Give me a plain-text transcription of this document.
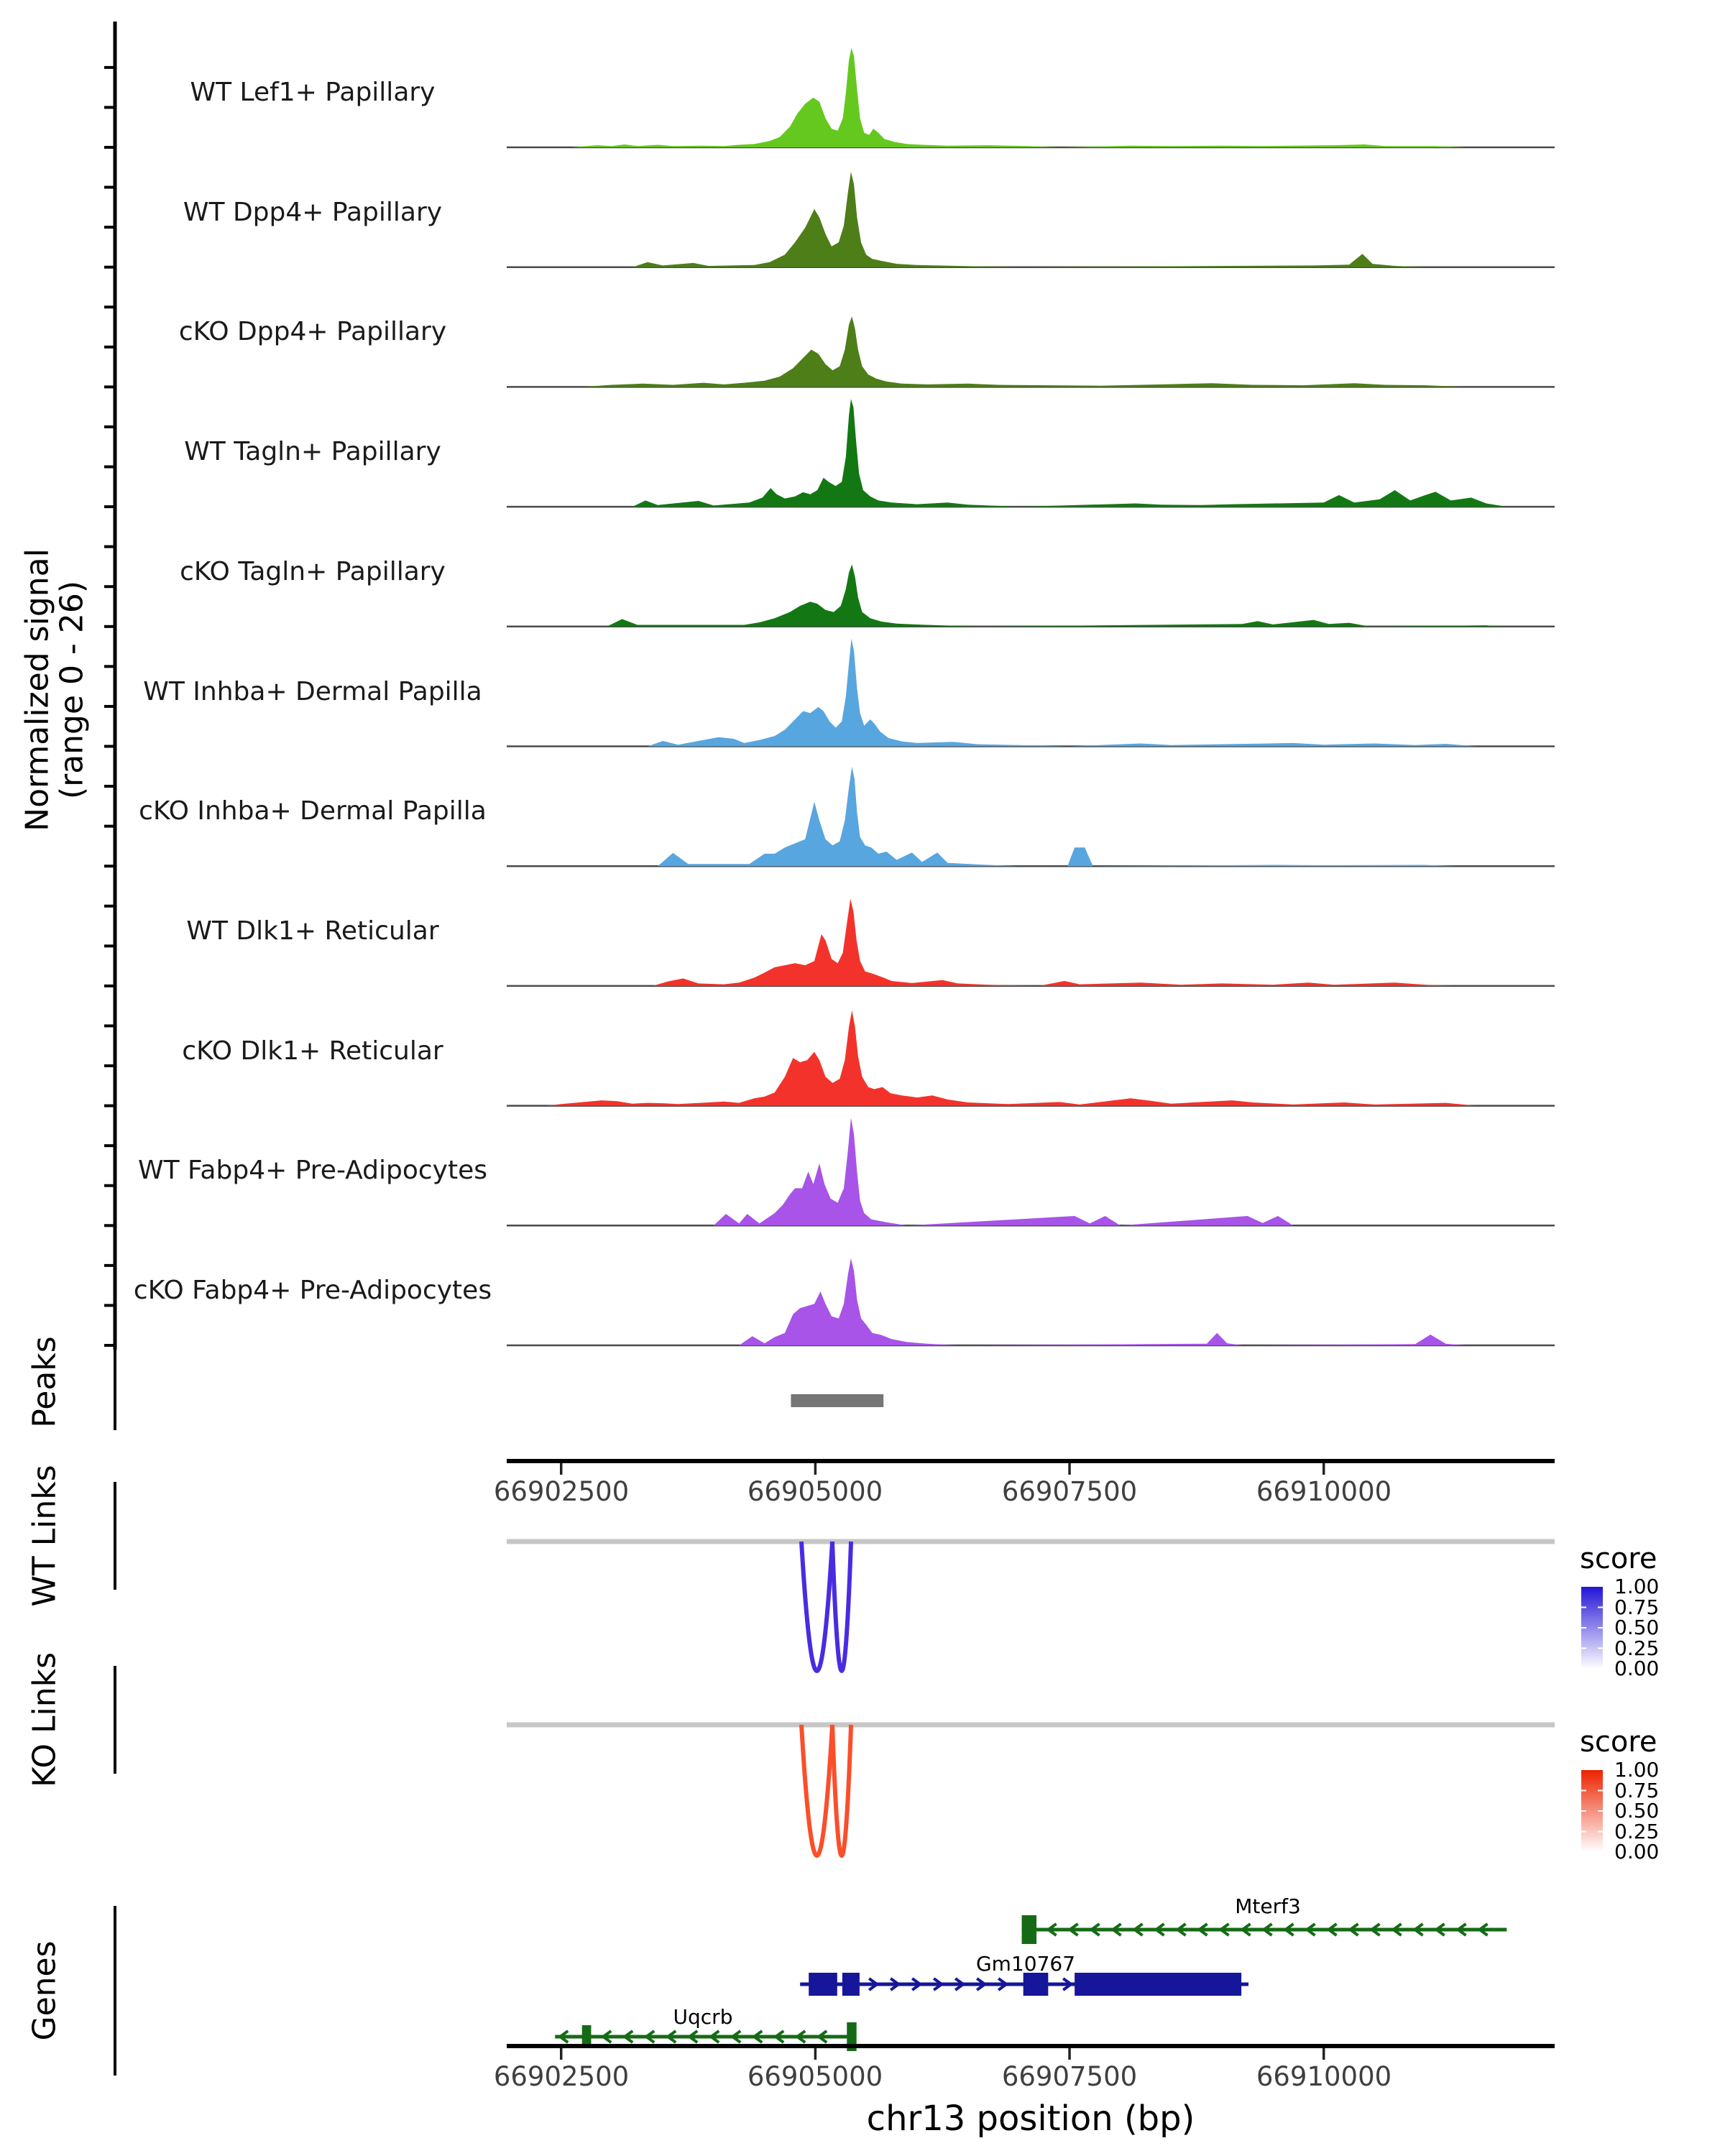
Normalized signal
(range 0 - 26)
WT Lef1+ Papillary
WT Dpp4+ Papillary
cKO Dpp4+ Papillary
WT Tagln+ Papillary
cKO Tagln+ Papillary
WT Inhba+ Dermal Papilla
cKO Inhba+ Dermal Papilla
WT Dlk1+ Reticular
cKO Dlk1+ Reticular
WT Fabp4+ Pre-Adipocytes
cKO Fabp4+ Pre-Adipocytes
Peaks
WT Links
KO Links
Genes
66902500	66905000	66907500	66910000
score
1.00
0.75
0.50
0.25
0.00
score
1.00
0.75
0.50
0.25
0.00
Mterf3
Gm10767
Uqcrb
66902500	66905000	66907500	66910000
chr13 position (bp)
